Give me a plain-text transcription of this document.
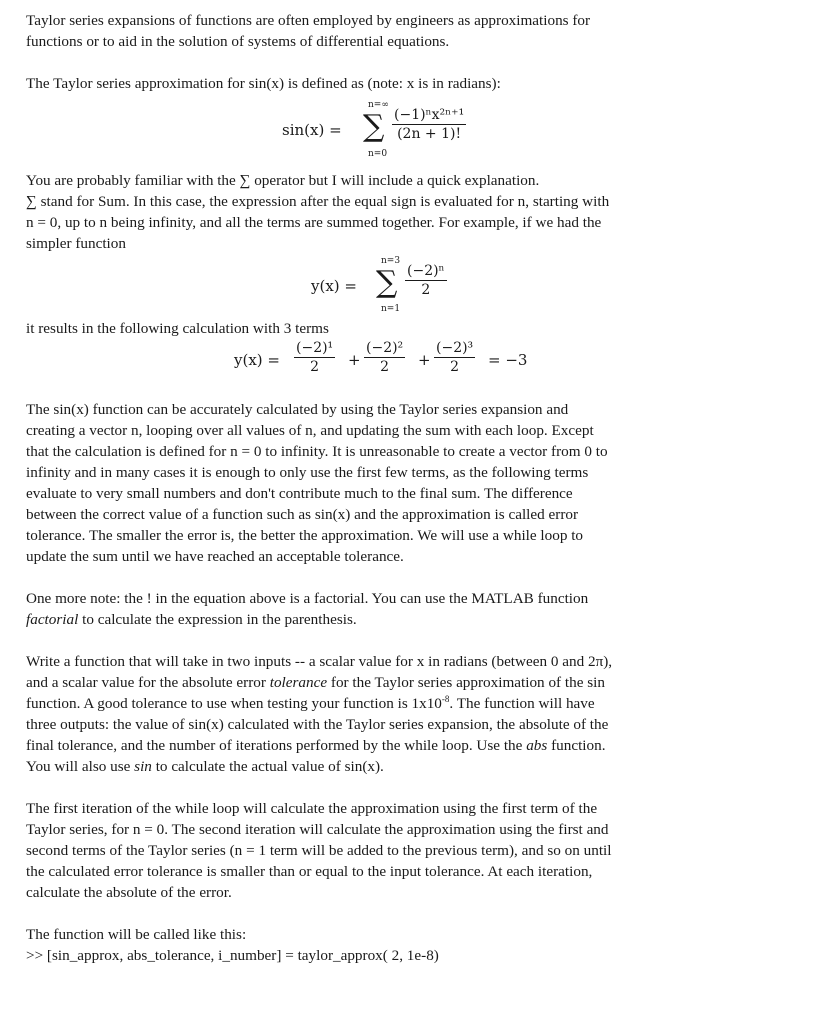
Taylor series expansions of functions are often employed by engineers as approximations for

functions or to aid in the solution of systems of differential equations.

The Taylor series approximation for sin(x) is defined as (note: x is in radians):

sin(x) =
n=∞
∑
n=0
$\frac{\text{(−1)ⁿx²ⁿ⁺¹}}{(2n + 1)!}$

You are probably familiar with the ∑ operator but I will include a quick explanation.

∑ stand for Sum. In this case, the expression after the equal sign is evaluated for n, starting with

n = 0, up to n being infinity, and all the terms are summed together. For example, if we had the

simpler function

y(x) =
n=3
∑
n=1
$\frac{\text{(−2)ⁿ}}{2}$

it results in the following calculation with 3 terms

$y(x) = \frac{\text{(−2)¹}}{2} + \frac{\text{(−2)²}}{2} + \frac{\text{(−2)³}}{2} = -3$

The sin(x) function can be accurately calculated by using the Taylor series expansion and

creating a vector n, looping over all values of n, and updating the sum with each loop. Except

that the calculation is defined for n = 0 to infinity. It is unreasonable to create a vector from 0 to

infinity and in many cases it is enough to only use the first few terms, as the following terms

evaluate to very small numbers and don't contribute much to the final sum. The difference

between the correct value of a function such as sin(x) and the approximation is called error

tolerance. The smaller the error is, the better the approximation. We will use a while loop to

update the sum until we have reached an acceptable tolerance.

One more note: the ! in the equation above is a factorial. You can use the MATLAB function

factorial to calculate the expression in the parenthesis.

Write a function that will take in two inputs -- a scalar value for x in radians (between 0 and 2π),

and a scalar value for the absolute error tolerance for the Taylor series approximation of the sin

function. A good tolerance to use when testing your function is $1x10^{-8}$. The function will have

three outputs: the value of sin(x) calculated with the Taylor series expansion, the absolute of the

final tolerance, and the number of iterations performed by the while loop. Use the abs function.

You will also use sin to calculate the actual value of sin(x).

The first iteration of the while loop will calculate the approximation using the first term of the

Taylor series, for n = 0. The second iteration will calculate the approximation using the first and

second terms of the Taylor series (n = 1 term will be added to the previous term), and so on until

the calculated error tolerance is smaller than or equal to the input tolerance. At each iteration,

calculate the absolute of the error.

The function will be called like this:

>> [sin_approx, abs_tolerance, i_number] = taylor_approx( 2, 1e-8)
